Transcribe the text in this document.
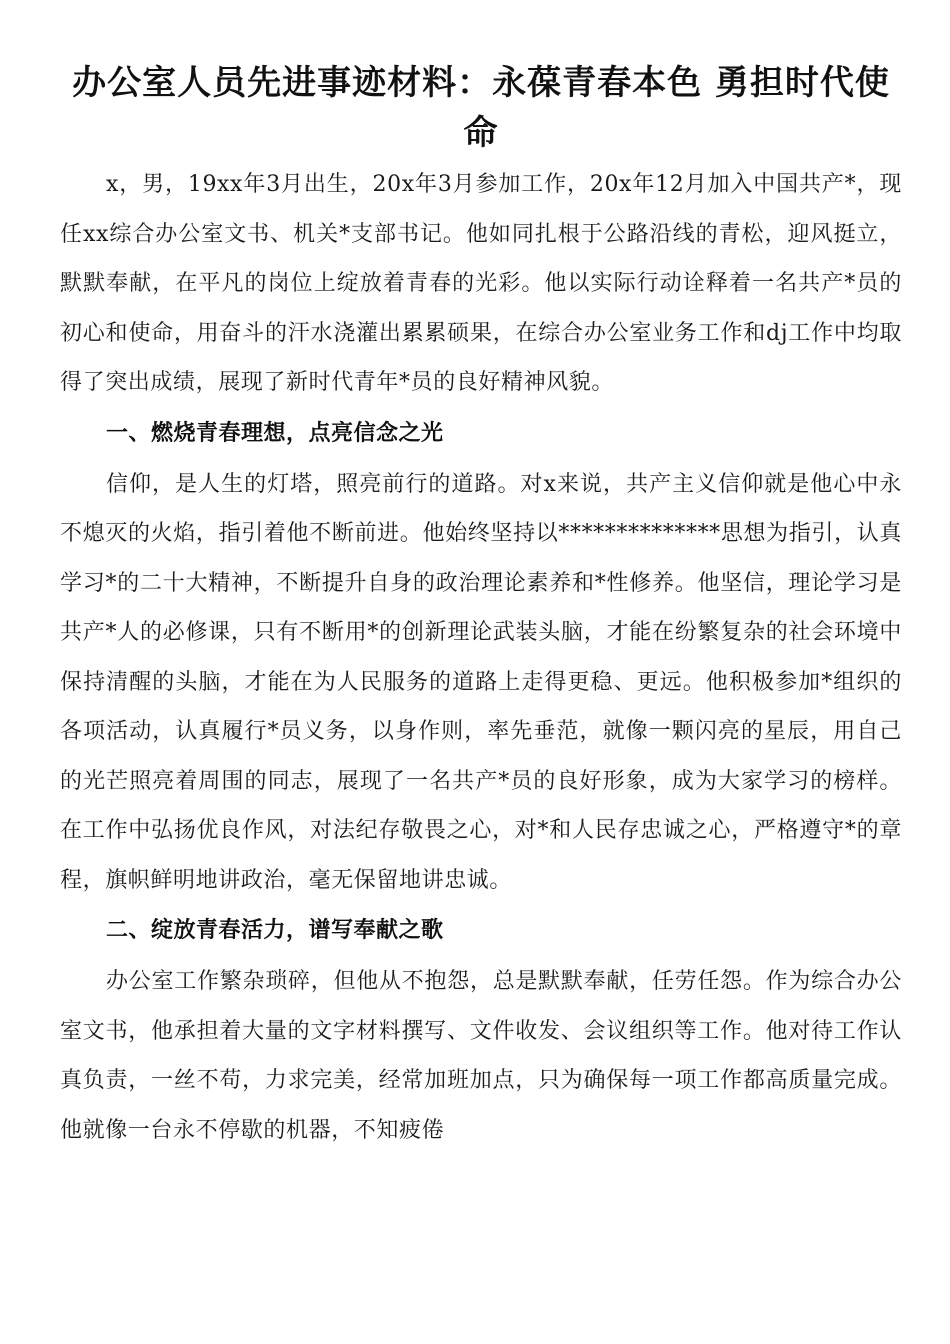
办公室人员先进事迹材料：永葆青春本色 勇担时代使命

x，男，19xx年3月出生，20x年3月参加工作，20x年12月加入中国共产*，现任xx综合办公室文书、机关*支部书记。他如同扎根于公路沿线的青松，迎风挺立，默默奉献，在平凡的岗位上绽放着青春的光彩。他以实际行动诠释着一名共产*员的初心和使命，用奋斗的汗水浇灌出累累硕果，在综合办公室业务工作和dj工作中均取得了突出成绩，展现了新时代青年*员的良好精神风貌。

一、燃烧青春理想，点亮信念之光

信仰，是人生的灯塔，照亮前行的道路。对x来说，共产主义信仰就是他心中永不熄灭的火焰，指引着他不断前进。他始终坚持以**************思想为指引，认真学习*的二十大精神，不断提升自身的政治理论素养和*性修养。他坚信，理论学习是共产*人的必修课，只有不断用*的创新理论武装头脑，才能在纷繁复杂的社会环境中保持清醒的头脑，才能在为人民服务的道路上走得更稳、更远。他积极参加*组织的各项活动，认真履行*员义务，以身作则，率先垂范，就像一颗闪亮的星辰，用自己的光芒照亮着周围的同志，展现了一名共产*员的良好形象，成为大家学习的榜样。在工作中弘扬优良作风，对法纪存敬畏之心，对*和人民存忠诚之心，严格遵守*的章程，旗帜鲜明地讲政治，毫无保留地讲忠诚。

二、绽放青春活力，谱写奉献之歌

办公室工作繁杂琐碎，但他从不抱怨，总是默默奉献，任劳任怨。作为综合办公室文书，他承担着大量的文字材料撰写、文件收发、会议组织等工作。他对待工作认真负责，一丝不苟，力求完美，经常加班加点，只为确保每一项工作都高质量完成。他就像一台永不停歇的机器，不知疲倦
